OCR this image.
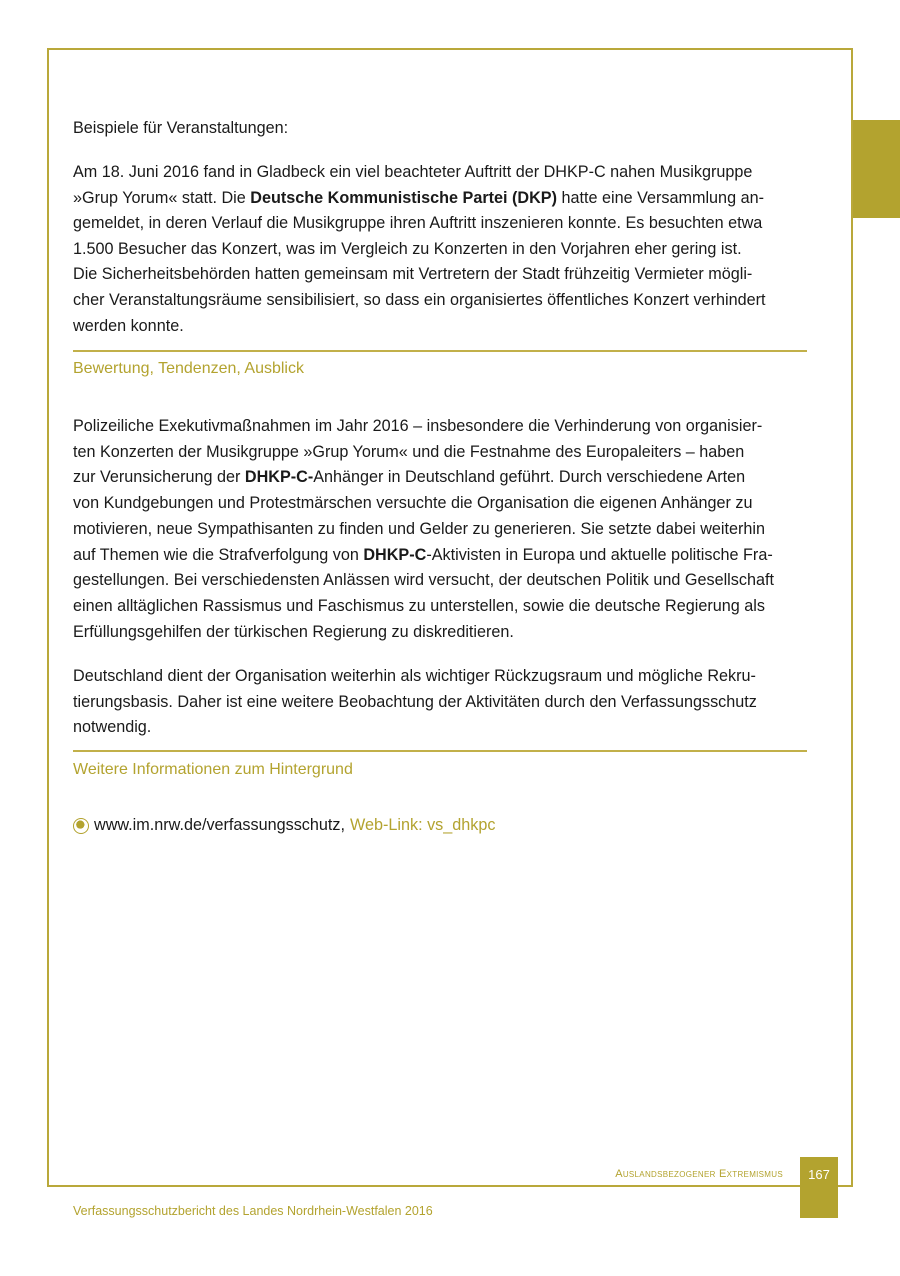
Beispiele für Veranstaltungen:
Am 18. Juni 2016 fand in Gladbeck ein viel beachteter Auftritt der DHKP-C nahen Musikgruppe
»Grup Yorum« statt. Die Deutsche Kommunistische Partei (DKP) hatte eine Versammlung an-
gemeldet, in deren Verlauf die Musikgruppe ihren Auftritt inszenieren konnte. Es besuchten etwa
1.500 Besucher das Konzert, was im Vergleich zu Konzerten in den Vorjahren eher gering ist.
Die Sicherheitsbehörden hatten gemeinsam mit Vertretern der Stadt frühzeitig Vermieter mögli-
cher Veranstaltungsräume sensibilisiert, so dass ein organisiertes öffentliches Konzert verhindert
werden konnte.
Bewertung, Tendenzen, Ausblick
Polizeiliche Exekutivmaßnahmen im Jahr 2016 – insbesondere die Verhinderung von organisier-
ten Konzerten der Musikgruppe »Grup Yorum« und die Festnahme des Europaleiters – haben
zur Verunsicherung der DHKP-C-Anhänger in Deutschland geführt. Durch verschiedene Arten
von Kundgebungen und Protestmärschen versuchte die Organisation die eigenen Anhänger zu
motivieren, neue Sympathisanten zu finden und Gelder zu generieren. Sie setzte dabei weiterhin
auf Themen wie die Strafverfolgung von DHKP-C-Aktivisten in Europa und aktuelle politische Fra-
gestellungen. Bei verschiedensten Anlässen wird versucht, der deutschen Politik und Gesellschaft
einen alltäglichen Rassismus und Faschismus zu unterstellen, sowie die deutsche Regierung als
Erfüllungsgehilfen der türkischen Regierung zu diskreditieren.
Deutschland dient der Organisation weiterhin als wichtiger Rückzugsraum und mögliche Rekru-
tierungsbasis. Daher ist eine weitere Beobachtung der Aktivitäten durch den Verfassungsschutz
notwendig.
Weitere Informationen zum Hintergrund
www.im.nrw.de/verfassungsschutz, Web-Link: vs_dhkpc
Auslandsbezogener Extremismus	167
Verfassungsschutzbericht des Landes Nordrhein-Westfalen 2016
